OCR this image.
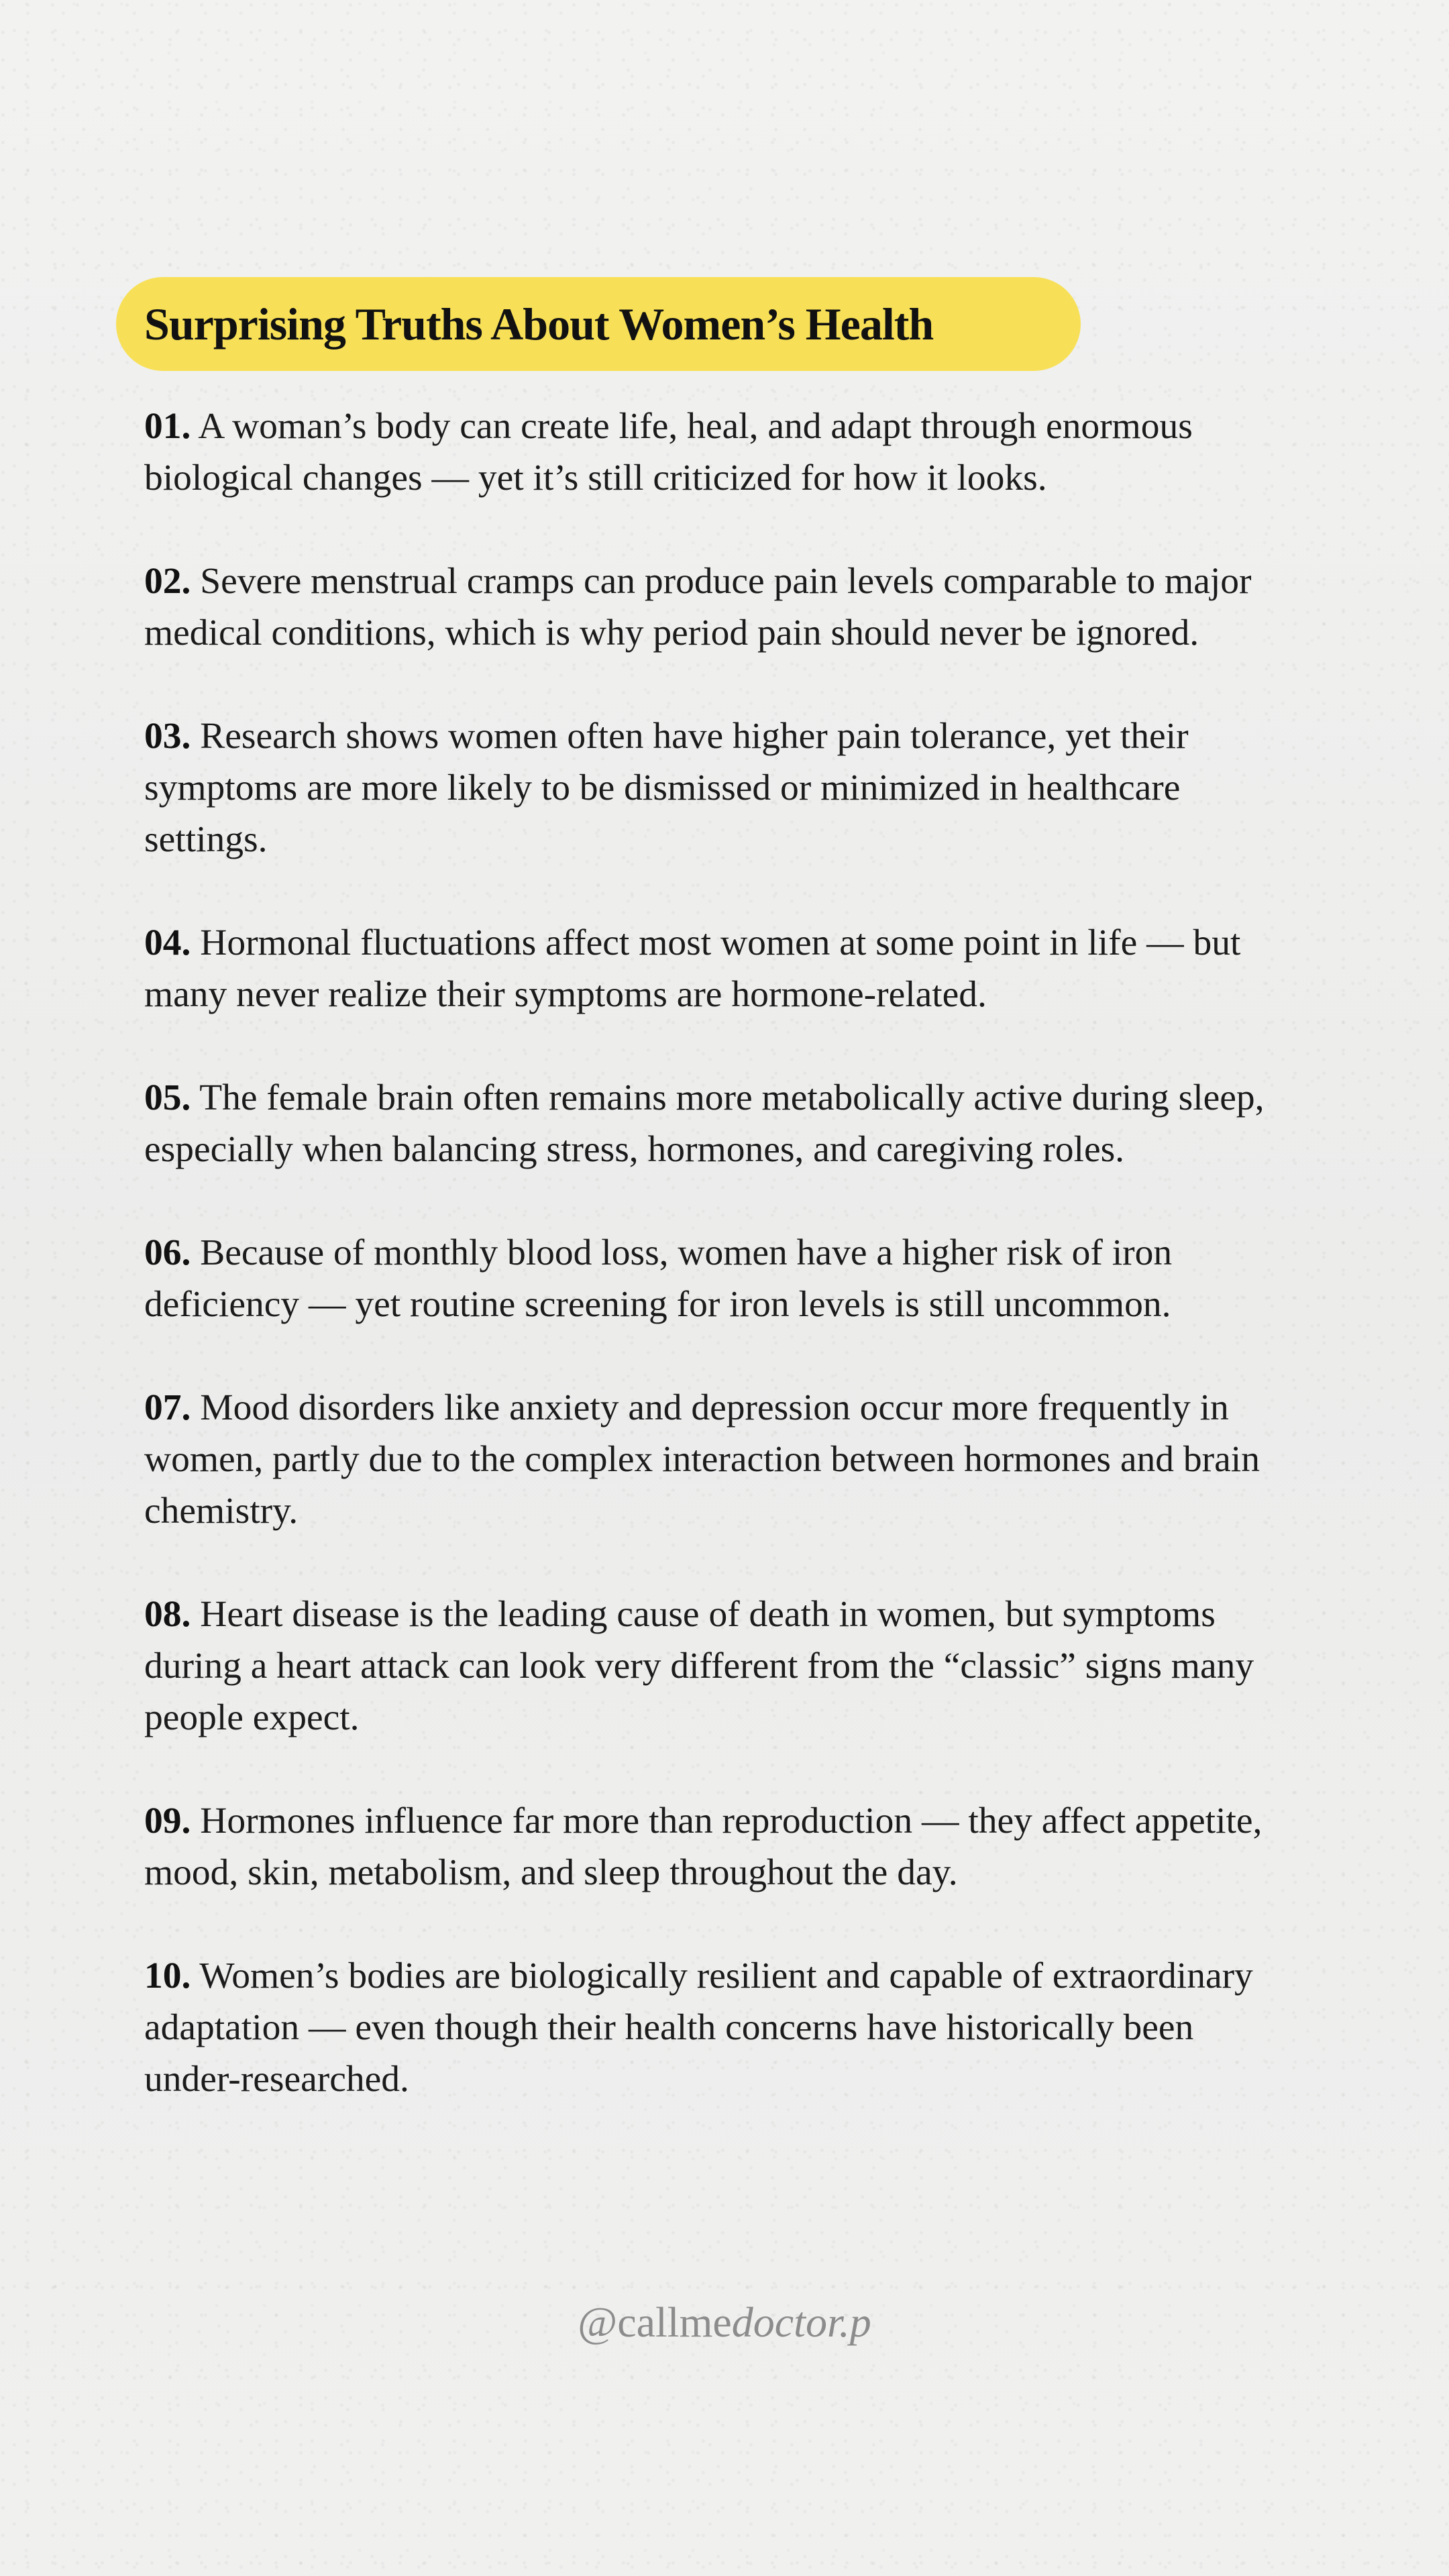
Surprising Truths About Women’s Health
01. A woman’s body can create life, heal, and adapt through enormous biological changes — yet it’s still criticized for how it looks.
02. Severe menstrual cramps can produce pain levels comparable to major medical conditions, which is why period pain should never be ignored.
03. Research shows women often have higher pain tolerance, yet their symptoms are more likely to be dismissed or minimized in healthcare settings.
04. Hormonal fluctuations affect most women at some point in life — but many never realize their symptoms are hormone-related.
05. The female brain often remains more metabolically active during sleep, especially when balancing stress, hormones, and caregiving roles.
06. Because of monthly blood loss, women have a higher risk of iron deficiency — yet routine screening for iron levels is still uncommon.
07. Mood disorders like anxiety and depression occur more frequently in women, partly due to the complex interaction between hormones and brain chemistry.
08. Heart disease is the leading cause of death in women, but symptoms during a heart attack can look very different from the “classic” signs many people expect.
09. Hormones influence far more than reproduction — they affect appetite, mood, skin, metabolism, and sleep throughout the day.
10. Women’s bodies are biologically resilient and capable of extraordinary adaptation — even though their health concerns have historically been under-researched.
@callmedoctor.p
